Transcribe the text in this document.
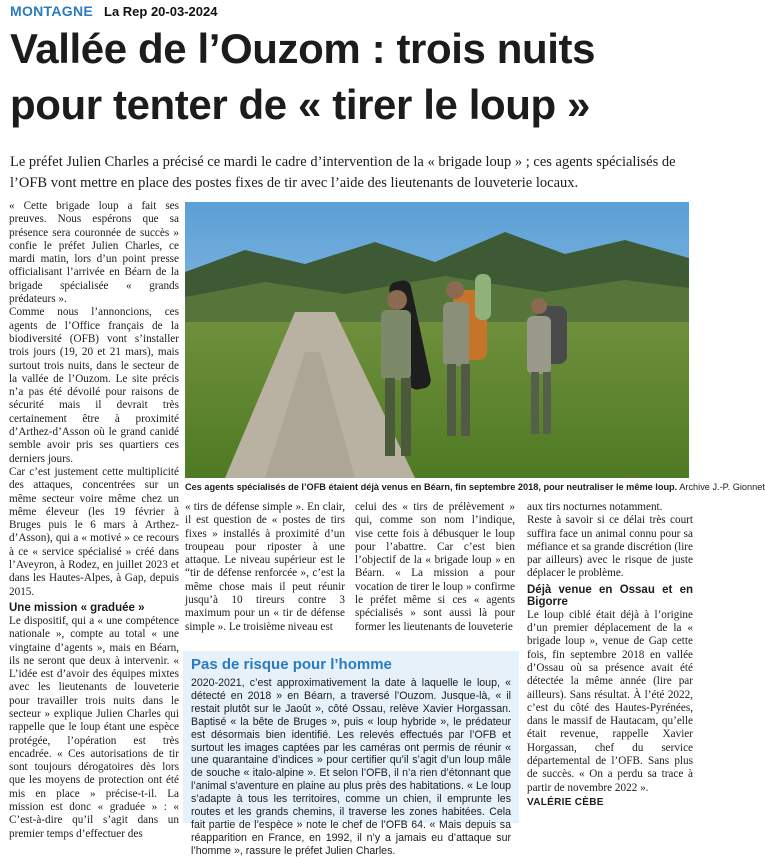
MONTAGNE La Rep 20-03-2024
Vallée de l’Ouzom : trois nuits
pour tenter de « tirer le loup »
Le préfet Julien Charles a précisé ce mardi le cadre d’intervention de la « brigade loup » ; ces agents spécialisés de l’OFB vont mettre en place des postes fixes de tir avec l’aide des lieutenants de louveterie locaux.

« Cette brigade loup a fait ses preuves. Nous espérons que sa présence sera couronnée de succès » confie le préfet Julien Charles, ce mardi matin, lors d’un point presse officialisant l’arrivée en Béarn de la brigade spécialisée « grands prédateurs ».

Comme nous l’annoncions, ces agents de l’Office français de la biodiversité (OFB) vont s’installer trois jours (19, 20 et 21 mars), mais surtout trois nuits, dans le secteur de la vallée de l’Ouzom. Le site précis n’a pas été dévoilé pour raisons de sécurité mais il devrait très certainement être à proximité d’Arthez-d’Asson où le grand canidé semble avoir pris ses quartiers ces derniers jours.

Car c’est justement cette multiplicité des attaques, concentrées sur un même secteur voire même chez un même éleveur (les 19 février à Bruges puis le 6 mars à Arthez-d’Asson), qui a « motivé » ce recours à ce « service spécialisé » créé dans l’Aveyron, à Rodez, en juillet 2023 et dans les Hautes-Alpes, à Gap, depuis 2015.

Une mission « graduée »

Le dispositif, qui a « une compétence nationale », compte au total « une vingtaine d’agents », mais en Béarn, ils ne seront que deux à intervenir. « L’idée est d’avoir des équipes mixtes avec les lieutenants de louveterie pour travailler trois nuits dans le secteur » explique Julien Charles qui rappelle que le loup étant une espèce protégée, l’opération est très encadrée. « Ces autorisations de tir sont toujours dérogatoires dès lors que les moyens de protection ont été mis en place » précise-t-il. La mission est donc « graduée » : « C’est-à-dire qu’il s’agit dans un premier temps d’effectuer des

Ces agents spécialisés de l’OFB étaient déjà venus en Béarn, fin septembre 2018, pour neutraliser le même loup. Archive J.-P. Gionnet

« tirs de défense simple ». En clair, il est question de « postes de tirs fixes » installés à proximité d’un troupeau pour riposter à une attaque. Le niveau supérieur est le “tir de défense renforcée », c’est la même chose mais il peut réunir jusqu’à 10 tireurs contre 3 maximum pour un « tir de défense simple ». Le troisième niveau est

celui des « tirs de prélèvement » qui, comme son nom l’indique, vise cette fois à débusquer le loup pour l’abattre. Car c’est bien l’objectif de la « brigade loup » en Béarn. « La mission a pour vocation de tirer le loup » confirme le préfet même si ces « agents spécialisés » sont aussi là pour former les lieutenants de louveterie

aux tirs nocturnes notamment.

Reste à savoir si ce délai très court suffira face un animal connu pour sa méfiance et sa grande discrétion (lire par ailleurs) avec le risque de juste déplacer le problème.

Déjà venue en Ossau et en Bigorre

Le loup ciblé était déjà à l’origine d’un premier déplacement de la « brigade loup », venue de Gap cette fois, fin septembre 2018 en vallée d’Ossau où sa présence avait été détectée la même année (lire par ailleurs). Sans résultat. À l’été 2022, c’est du côté des Hautes-Pyrénées, dans le massif de Hautacam, qu’elle était revenue, rappelle Xavier Horgassan, chef du service départemental de l’OFB. Sans plus de succès. « On a perdu sa trace à partir de novembre 2022 ».

VALÉRIE CÈBE

Pas de risque pour l’homme
2020-2021, c’est approximativement la date à laquelle le loup, « détecté en 2018 » en Béarn, a traversé l’Ouzom. Jusque-là, « il restait plutôt sur le Jaoût », côté Ossau, relève Xavier Horgassan. Baptisé « la bête de Bruges », puis « loup hybride », le prédateur est désormais bien identifié. Les relevés effectués par l’OFB et surtout les images captées par les caméras ont permis de réunir « une quarantaine d’indices » pour certifier qu’il s’agit d’un loup mâle de souche « italo-alpine ». Et selon l’OFB, il n’a rien d’étonnant que l’animal s’aventure en plaine au plus près des habitations. « Le loup s’adapte à tous les territoires, comme un chien, il emprunte les routes et les grands chemins, il traverse les zones habitées. Cela fait partie de l’espèce » note le chef de l’OFB 64. « Mais depuis sa réapparition en France, en 1992, il n’y a jamais eu d’attaque sur l’homme », rassure le préfet Julien Charles.
